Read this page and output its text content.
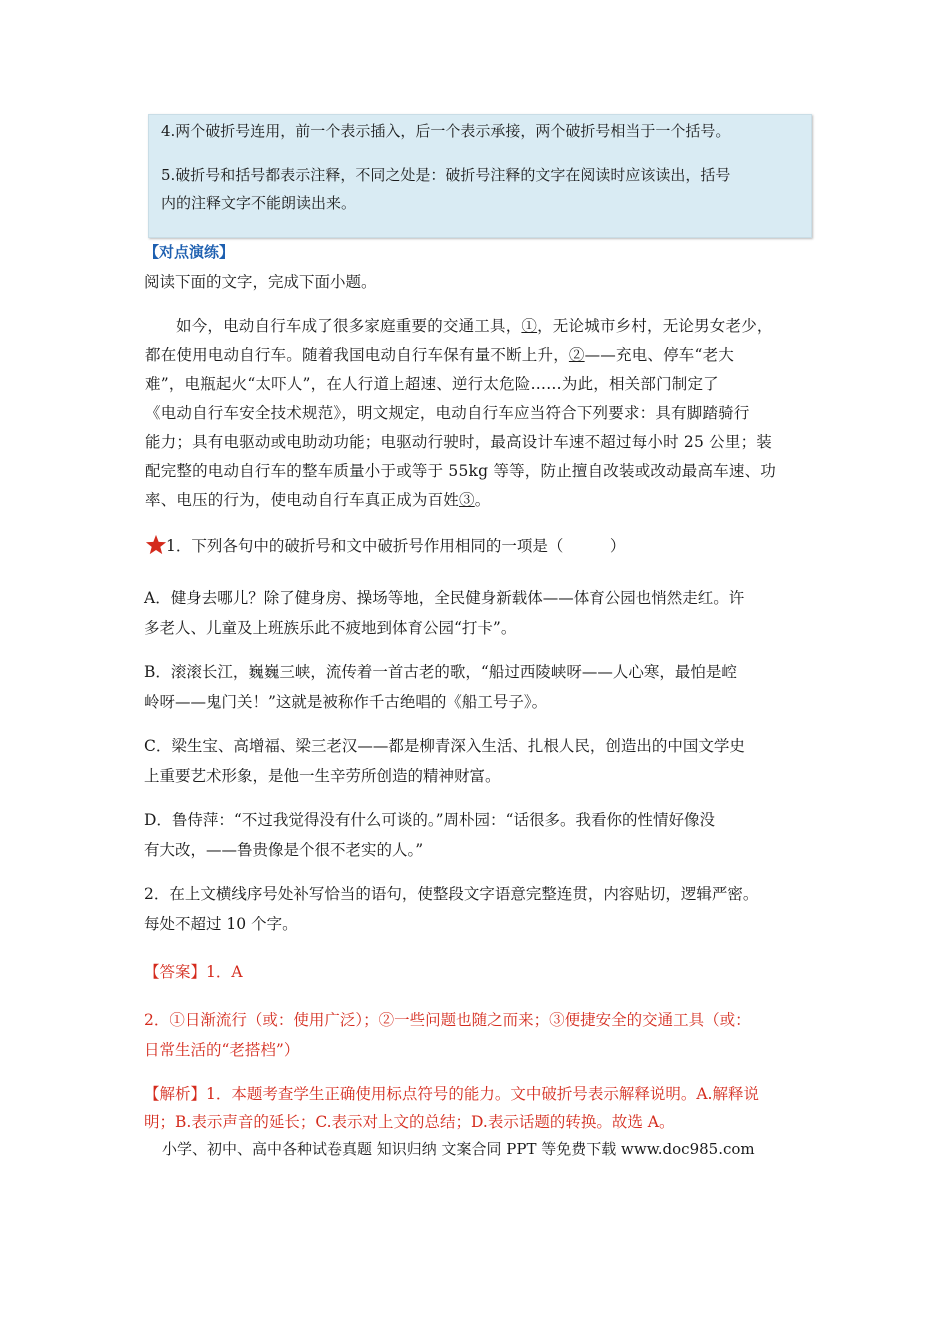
4.两个破折号连用，前一个表示插入，后一个表示承接，两个破折号相当于一个括号。
5.破折号和括号都表示注释，不同之处是：破折号注释的文字在阅读时应该读出，括号
内的注释文字不能朗读出来。
【对点演练】
阅读下面的文字，完成下面小题。
如今，电动自行车成了很多家庭重要的交通工具，①，无论城市乡村，无论男女老少，
都在使用电动自行车。随着我国电动自行车保有量不断上升，②——充电、停车“老大
难”，电瓶起火“太吓人”，在人行道上超速、逆行太危险……为此，相关部门制定了
《电动自行车安全技术规范》，明文规定，电动自行车应当符合下列要求：具有脚踏骑行
能力；具有电驱动或电助动功能；电驱动行驶时，最高设计车速不超过每小时 25 公里；装
配完整的电动自行车的整车质量小于或等于 55kg 等等，防止擅自改装或改动最高车速、功
率、电压的行为，使电动自行车真正成为百姓③。
1．下列各句中的破折号和文中破折号作用相同的一项是（　　　）
A．健身去哪儿？除了健身房、操场等地，全民健身新载体——体育公园也悄然走红。许
多老人、儿童及上班族乐此不疲地到体育公园“打卡”。
B．滚滚长江，巍巍三峡，流传着一首古老的歌，“船过西陵峡呀——人心寒，最怕是崆
岭呀——鬼门关！”这就是被称作千古绝唱的《船工号子》。
C．梁生宝、高增福、梁三老汉——都是柳青深入生活、扎根人民，创造出的中国文学史
上重要艺术形象，是他一生辛劳所创造的精神财富。
D．鲁侍萍：“不过我觉得没有什么可谈的。”周朴园：“话很多。我看你的性情好像没
有大改，——鲁贵像是个很不老实的人。”
2．在上文横线序号处补写恰当的语句，使整段文字语意完整连贯，内容贴切，逻辑严密。
每处不超过 10 个字。
【答案】1．A
2．①日渐流行（或：使用广泛）；②一些问题也随之而来；③便捷安全的交通工具（或：
日常生活的“老搭档”）
【解析】1．本题考查学生正确使用标点符号的能力。文中破折号表示解释说明。A.解释说
明；B.表示声音的延长；C.表示对上文的总结；D.表示话题的转换。故选 A。
小学、初中、高中各种试卷真题 知识归纳 文案合同 PPT 等免费下载 www.doc985.com
